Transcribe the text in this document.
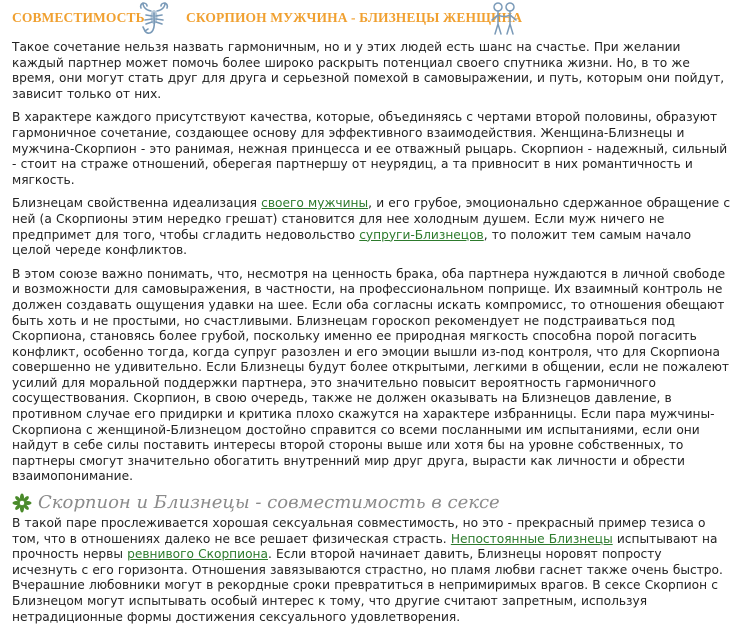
СОВМЕСТИМОСТЬ	СКОРПИОН МУЖЧИНА - БЛИЗНЕЦЫ ЖЕНЩИНА

Такое сочетание нельзя назвать гармоничным, но и у этих людей есть шанс на счастье. При желании каждый партнер может помочь более широко раскрыть потенциал своего спутника жизни. Но, в то же время, они могут стать друг для друга и серьезной помехой в самовыражении, и путь, которым они пойдут, зависит только от них.

В характере каждого присутствуют качества, которые, объединяясь с чертами второй половины, образуют гармоничное сочетание, создающее основу для эффективного взаимодействия. Женщина-Близнецы и мужчина-Скорпион - это ранимая, нежная принцесса и ее отважный рыцарь. Скорпион - надежный, сильный - стоит на страже отношений, оберегая партнершу от неурядиц, а та привносит в них романтичность и мягкость.

Близнецам свойственна идеализация своего мужчины, и его грубое, эмоционально сдержанное обращение с ней (а Скорпионы этим нередко грешат) становится для нее холодным душем. Если муж ничего не предпримет для того, чтобы сгладить недовольство супруги-Близнецов, то положит тем самым начало целой череде конфликтов.

В этом союзе важно понимать, что, несмотря на ценность брака, оба партнера нуждаются в личной свободе и возможности для самовыражения, в частности, на профессиональном поприще. Их взаимный контроль не должен создавать ощущения удавки на шее. Если оба согласны искать компромисс, то отношения обещают быть хоть и не простыми, но счастливыми. Близнецам гороскоп рекомендует не подстраиваться под Скорпиона, становясь более грубой, поскольку именно ее природная мягкость способна порой погасить конфликт, особенно тогда, когда супруг разозлен и его эмоции вышли из-под контроля, что для Скорпиона совершенно не удивительно. Если Близнецы будут более открытыми, легкими в общении, если не пожалеют усилий для моральной поддержки партнера, это значительно повысит вероятность гармоничного сосуществования. Скорпион, в свою очередь, также не должен оказывать на Близнецов давление, в противном случае его придирки и критика плохо скажутся на характере избранницы. Если пара мужчины-Скорпиона с женщиной-Близнецом достойно справится со всеми посланными им испытаниями, если они найдут в себе силы поставить интересы второй стороны выше или хотя бы на уровне собственных, то партнеры смогут значительно обогатить внутренний мир друг друга, вырасти как личности и обрести взаимопонимание.

Скорпион и Близнецы - совместимость в сексе

В такой паре прослеживается хорошая сексуальная совместимость, но это - прекрасный пример тезиса о том, что в отношениях далеко не все решает физическая страсть. Непостоянные Близнецы испытывают на прочность нервы ревнивого Скорпиона. Если второй начинает давить, Близнецы норовят попросту исчезнуть с его горизонта. Отношения завязываются страстно, но пламя любви гаснет также очень быстро. Вчерашние любовники могут в рекордные сроки превратиться в непримиримых врагов. В сексе Скорпион с Близнецом могут испытывать особый интерес к тому, что другие считают запретным, используя нетрадиционные формы достижения сексуального удовлетворения.
